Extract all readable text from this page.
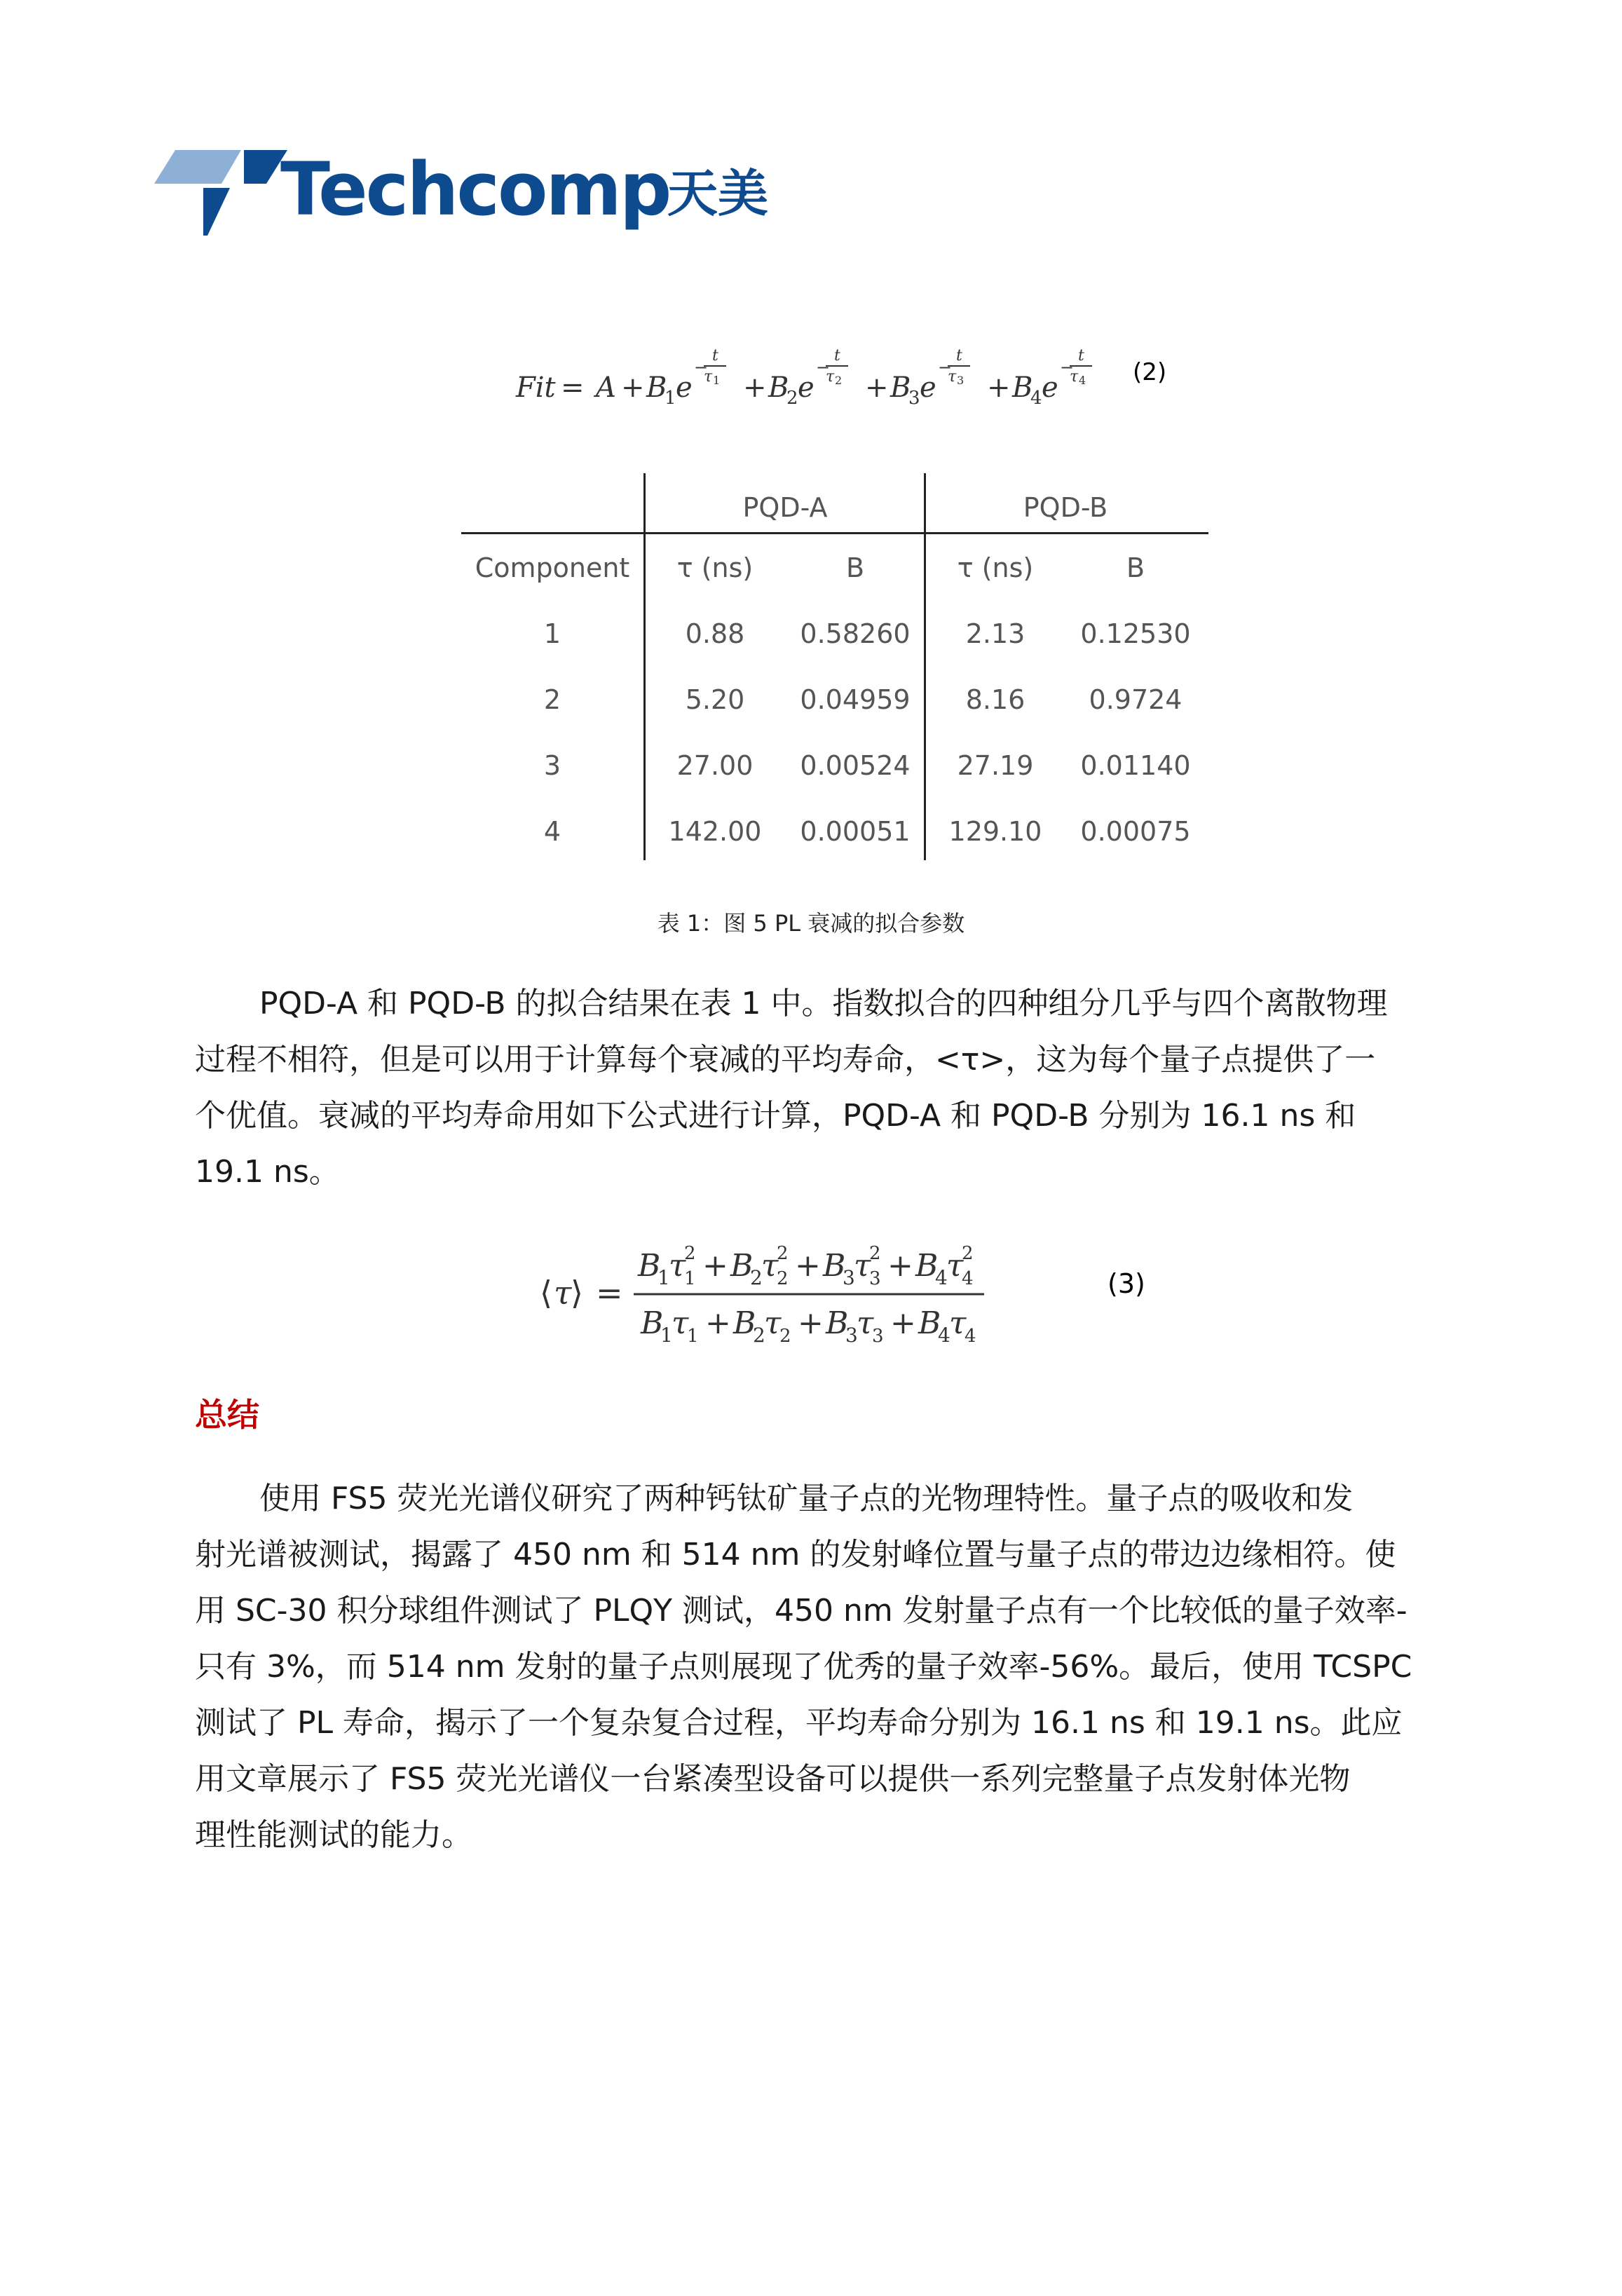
Techcomp
天美
Fit = A + B
1 e
−
t
τ 1 + B
2 e
−
t
τ 2 + B
3 e
−
t
τ 3 + B
4 e
−
t
τ 4 (2)
PQD-A	PQD-B
Component τ (ns)	B	τ (ns)	B
1	0.88 0.58260 2.13 0.12530
2	5.20 0.04959 8.16 0.9724
3	27.00 0.00524 27.19 0.01140
4	142.00 0.00051 129.10 0.00075
表 1：图 5 PL 衰减的拟合参数
PQD-A 和 PQD-B 的拟合结果在表 1 中。指数拟合的四种组分几乎与四个离散物理
过程不相符，但是可以用于计算每个衰减的平均寿命，<τ>，这为每个量子点提供了一
个优值。衰减的平均寿命用如下公式进行计算，PQD-A 和 PQD-B 分别为 16.1 ns 和
19.1 ns。
⟨ τ
⟩ =
B
1
τ
1
2 + B
2
τ
2
2 + B
3
τ
3
2 + B
4
τ
4
2
B
1
τ
1 + B
2
τ
2 + B
3
τ
3 + B
4
τ
4
(3)
总结
使用 FS5 荧光光谱仪研究了两种钙钛矿量子点的光物理特性。量子点的吸收和发
射光谱被测试，揭露了 450 nm 和 514 nm 的发射峰位置与量子点的带边边缘相符。使
用 SC-30 积分球组件测试了 PLQY 测试，450 nm 发射量子点有一个比较低的量子效率-
只有 3%，而 514 nm 发射的量子点则展现了优秀的量子效率-56%。最后，使用 TCSPC
测试了 PL 寿命，揭示了一个复杂复合过程，平均寿命分别为 16.1 ns 和 19.1 ns。此应
用文章展示了 FS5 荧光光谱仪一台紧凑型设备可以提供一系列完整量子点发射体光物
理性能测试的能力。
